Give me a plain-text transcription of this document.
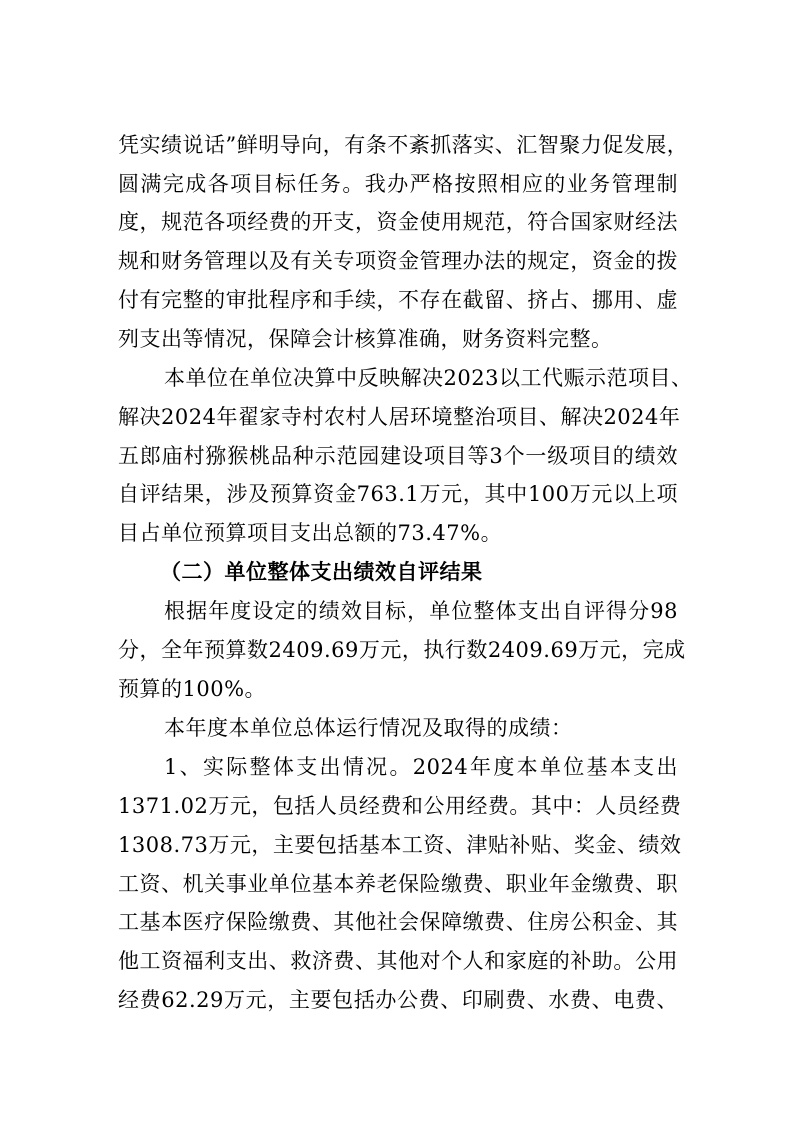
凭实绩说话”鲜明导向，有条不紊抓落实、汇智聚力促发展，
圆满完成各项目标任务。我办严格按照相应的业务管理制
度，规范各项经费的开支，资金使用规范，符合国家财经法
规和财务管理以及有关专项资金管理办法的规定，资金的拨
付有完整的审批程序和手续，不存在截留、挤占、挪用、虚
列支出等情况，保障会计核算准确，财务资料完整。
本单位在单位决算中反映解决2023以工代赈示范项目、
解决2024年翟家寺村农村人居环境整治项目、解决2024年
五郎庙村猕猴桃品种示范园建设项目等3个一级项目的绩效
自评结果，涉及预算资金763.1万元，其中100万元以上项
目占单位预算项目支出总额的73.47%。
（二）单位整体支出绩效自评结果
根据年度设定的绩效目标，单位整体支出自评得分98
分，全年预算数2409.69万元，执行数2409.69万元，完成
预算的100%。
本年度本单位总体运行情况及取得的成绩：
1、实际整体支出情况。2024年度本单位基本支出
1371.02万元，包括人员经费和公用经费。其中：人员经费
1308.73万元，主要包括基本工资、津贴补贴、奖金、绩效
工资、机关事业单位基本养老保险缴费、职业年金缴费、职
工基本医疗保险缴费、其他社会保障缴费、住房公积金、其
他工资福利支出、救济费、其他对个人和家庭的补助。公用
经费62.29万元，主要包括办公费、印刷费、水费、电费、
